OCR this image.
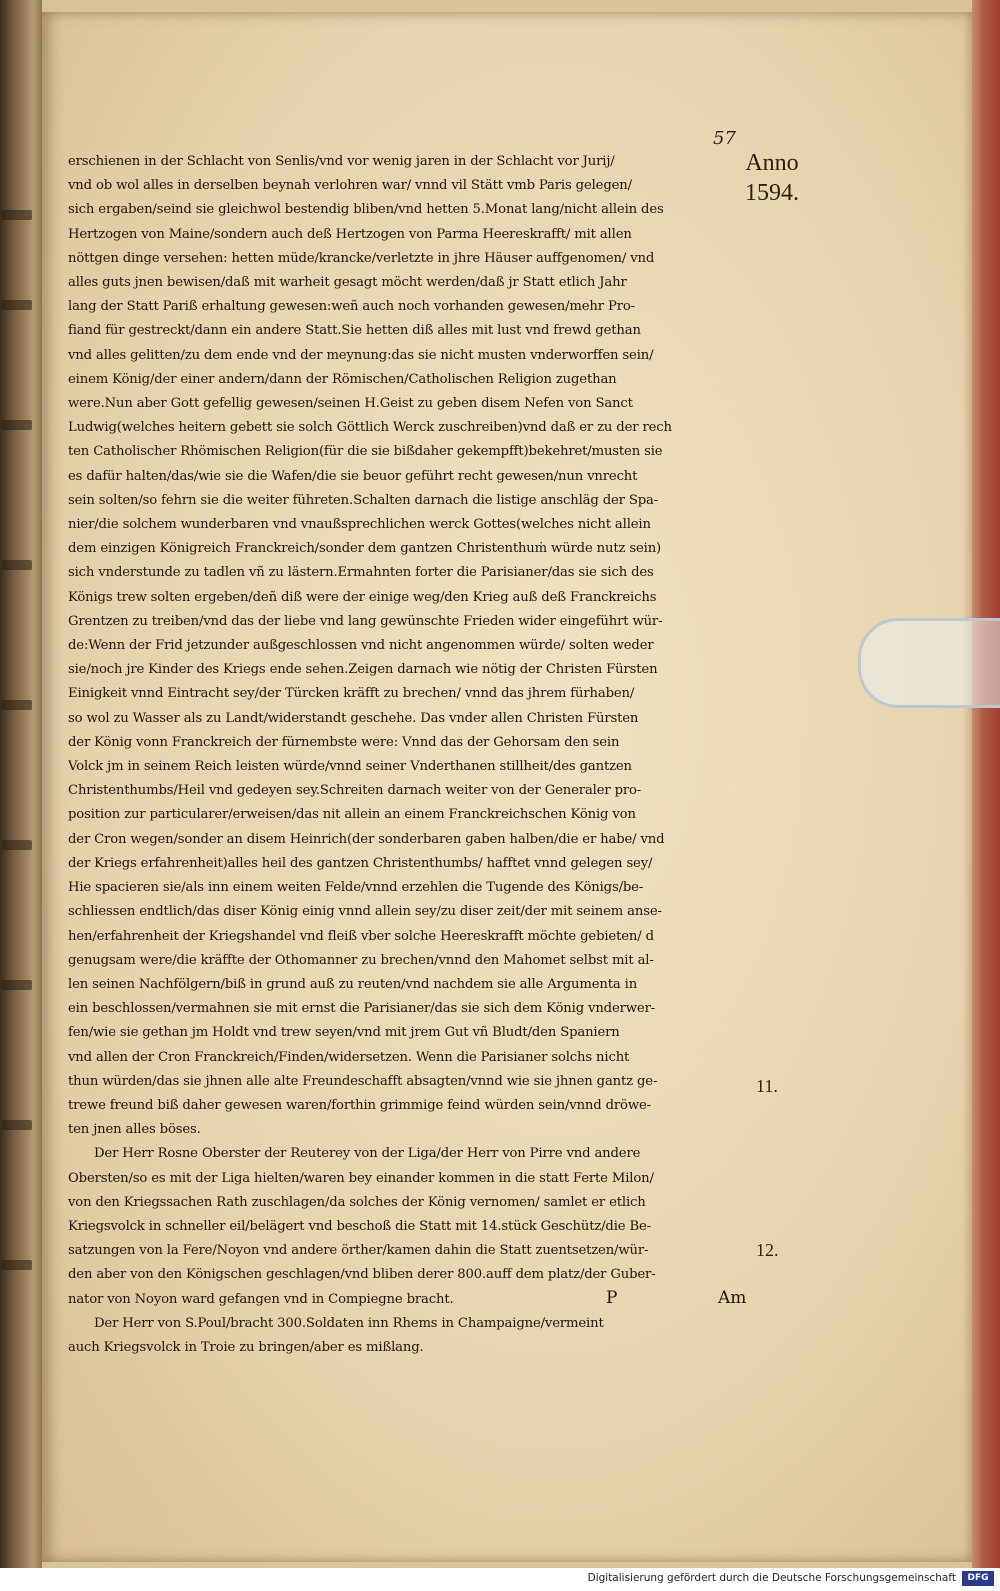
57
Anno
1594.
erschienen in der Schlacht von Senlis/vnd vor wenig jaren in der Schlacht vor Jurij/
vnd ob wol alles in derselben beynah verlohren war/ vnnd vil Stätt vmb Paris gelegen/
sich ergaben/seind sie gleichwol bestendig bliben/vnd hetten 5.Monat lang/nicht allein des
Hertzogen von Maine/sondern auch deß Hertzogen von Parma Heereskrafft/ mit allen
nöttgen dinge versehen: hetten müde/krancke/verletzte in jhre Häuser auffgenomen/ vnd
alles guts jnen bewisen/daß mit warheit gesagt möcht werden/daß jr Statt etlich Jahr
lang der Statt Pariß erhaltung gewesen:weñ auch noch vorhanden gewesen/mehr Pro-
fiand für gestreckt/dann ein andere Statt.Sie hetten diß alles mit lust vnd frewd gethan
vnd alles gelitten/zu dem ende vnd der meynung:das sie nicht musten vnderworffen sein/
einem König/der einer andern/dann der Römischen/Catholischen Religion zugethan
were.Nun aber Gott gefellig gewesen/seinen H.Geist zu geben disem Nefen von Sanct
Ludwig(welches heitern gebett sie solch Göttlich Werck zuschreiben)vnd daß er zu der rech
ten Catholischer Rhömischen Religion(für die sie bißdaher gekempfft)bekehret/musten sie
es dafür halten/das/wie sie die Wafen/die sie beuor geführt recht gewesen/nun vnrecht
sein solten/so fehrn sie die weiter führeten.Schalten darnach die listige anschläg der Spa-
nier/die solchem wunderbaren vnd vnaußsprechlichen werck Gottes(welches nicht allein
dem einzigen Königreich Franckreich/sonder dem gantzen Christenthuṁ würde nutz sein)
sich vnderstunde zu tadlen vñ zu lästern.Ermahnten forter die Parisianer/das sie sich des
Königs trew solten ergeben/deñ diß were der einige weg/den Krieg auß deß Franckreichs
Grentzen zu treiben/vnd das der liebe vnd lang gewünschte Frieden wider eingeführt wür-
de:Wenn der Frid jetzunder außgeschlossen vnd nicht angenommen würde/ solten weder
sie/noch jre Kinder des Kriegs ende sehen.Zeigen darnach wie nötig der Christen Fürsten
Einigkeit vnnd Eintracht sey/der Türcken kräfft zu brechen/ vnnd das jhrem fürhaben/
so wol zu Wasser als zu Landt/widerstandt geschehe. Das vnder allen Christen Fürsten
der König vonn Franckreich der fürnembste were: Vnnd das der Gehorsam den sein
Volck jm in seinem Reich leisten würde/vnnd seiner Vnderthanen stillheit/des gantzen
Christenthumbs/Heil vnd gedeyen sey.Schreiten darnach weiter von der Generaler pro-
position zur particularer/erweisen/das nit allein an einem Franckreichschen König von
der Cron wegen/sonder an disem Heinrich(der sonderbaren gaben halben/die er habe/ vnd
der Kriegs erfahrenheit)alles heil des gantzen Christenthumbs/ hafftet vnnd gelegen sey/
Hie spacieren sie/als inn einem weiten Felde/vnnd erzehlen die Tugende des Königs/be-
schliessen endtlich/das diser König einig vnnd allein sey/zu diser zeit/der mit seinem anse-
hen/erfahrenheit der Kriegshandel vnd fleiß vber solche Heereskrafft möchte gebieten/ d
genugsam were/die kräffte der Othomanner zu brechen/vnnd den Mahomet selbst mit al-
len seinen Nachfölgern/biß in grund auß zu reuten/vnd nachdem sie alle Argumenta in
ein beschlossen/vermahnen sie mit ernst die Parisianer/das sie sich dem König vnderwer-
fen/wie sie gethan jm Holdt vnd trew seyen/vnd mit jrem Gut vñ Bludt/den Spaniern
vnd allen der Cron Franckreich/Finden/widersetzen. Wenn die Parisianer solchs nicht
thun würden/das sie jhnen alle alte Freundeschafft absagten/vnnd wie sie jhnen gantz ge-
trewe freund biß daher gewesen waren/forthin grimmige feind würden sein/vnnd dröwe-
ten jnen alles böses.
Der Herr Rosne Oberster der Reuterey von der Liga/der Herr von Pirre vnd andere
Obersten/so es mit der Liga hielten/waren bey einander kommen in die statt Ferte Milon/
von den Kriegssachen Rath zuschlagen/da solches der König vernomen/ samlet er etlich
Kriegsvolck in schneller eil/belägert vnd beschoß die Statt mit 14.stück Geschütz/die Be-
satzungen von la Fere/Noyon vnd andere örther/kamen dahin die Statt zuentsetzen/wür-
den aber von den Königschen geschlagen/vnd bliben derer 800.auff dem platz/der Guber-
nator von Noyon ward gefangen vnd in Compiegne bracht.
Der Herr von S.Poul/bracht 300.Soldaten inn Rhems in Champaigne/vermeint
auch Kriegsvolck in Troie zu bringen/aber es mißlang.
11.
12.
P	Am
Digitalisierung gefördert durch die Deutsche Forschungsgemeinschaft	DFG
